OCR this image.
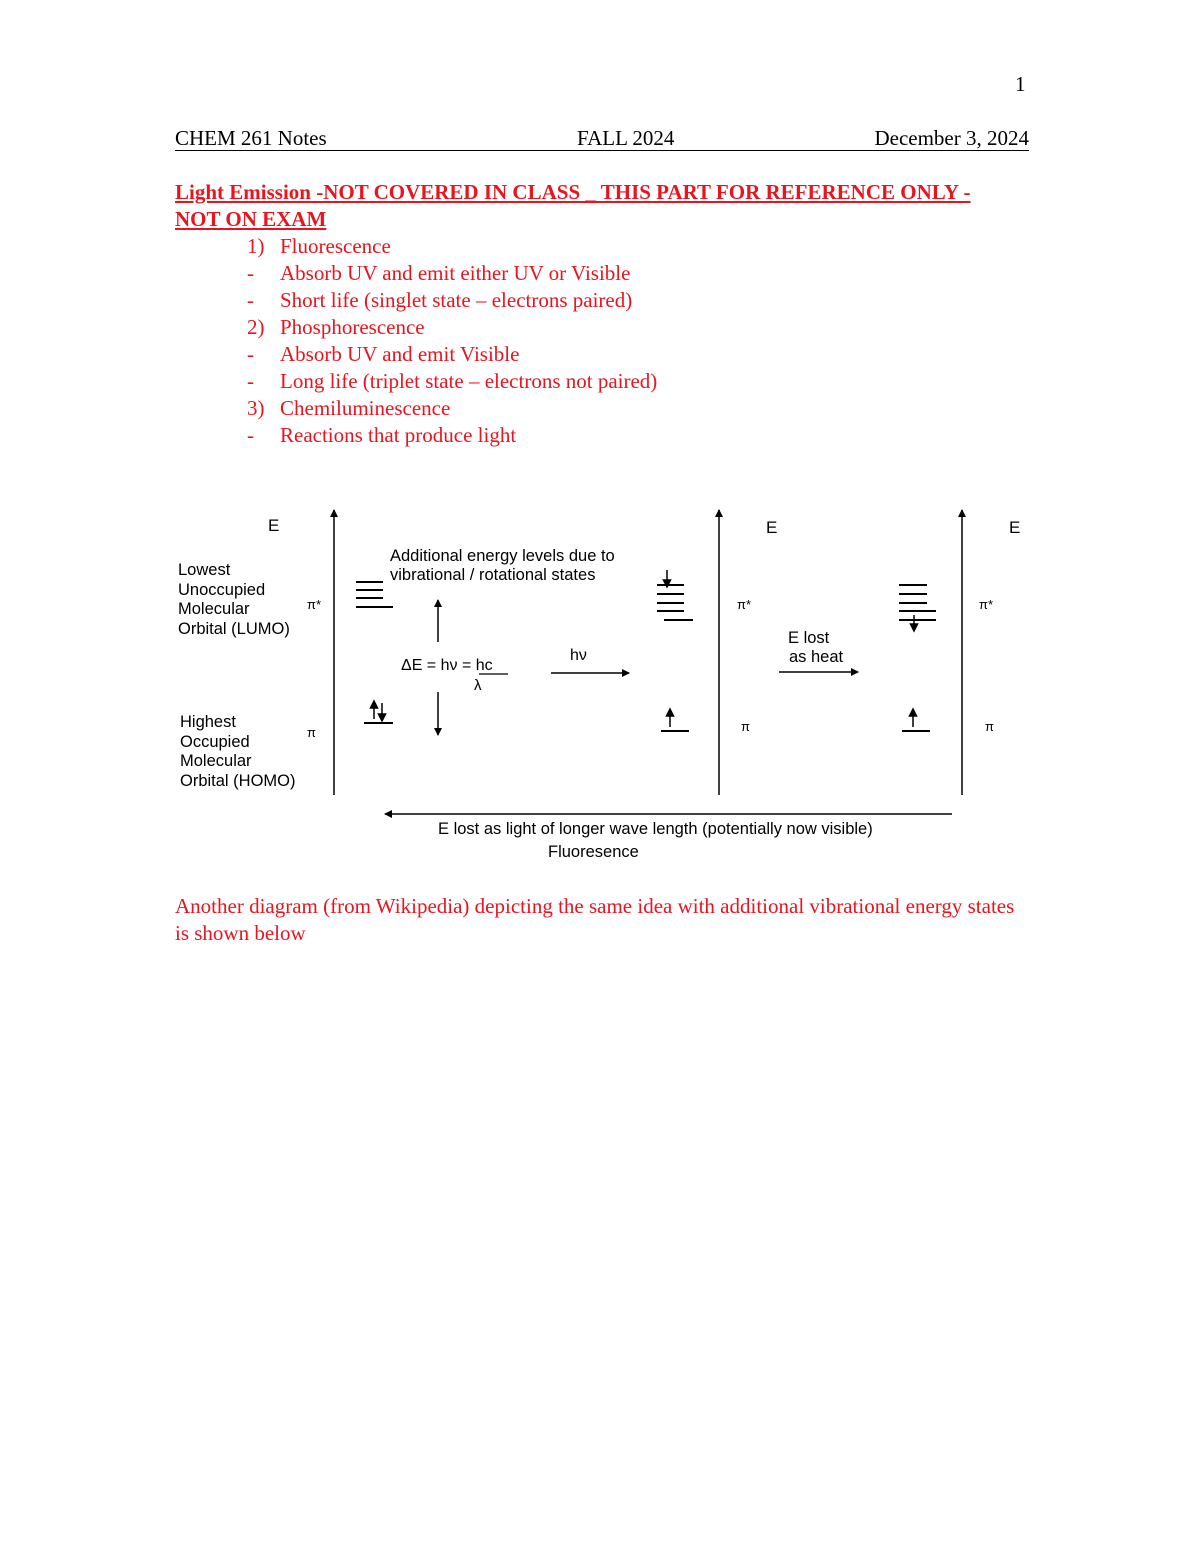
1
CHEM 261 Notes	FALL 2024	December 3, 2024
Light Emission -NOT COVERED IN CLASS _ THIS PART FOR REFERENCE ONLY - NOT ON EXAM
1) Fluorescence
- Absorb UV and emit either UV or Visible
- Short life (singlet state – electrons paired)
2) Phosphorescence
- Absorb UV and emit Visible
- Long life (triplet state – electrons not paired)
3) Chemiluminescence
- Reactions that produce light
E	E	E
Lowest Unoccupied Molecular Orbital (LUMO)
Highest Occupied Molecular Orbital (HOMO)
π*
π
π*
π
π*
π
Additional energy levels due to vibrational / rotational states
ΔE = hν = hc
λ
hν
E lost as heat
E lost as light of longer wave length (potentially now visible)
Fluoresence
Another diagram (from Wikipedia) depicting the same idea with additional vibrational energy states is shown below
